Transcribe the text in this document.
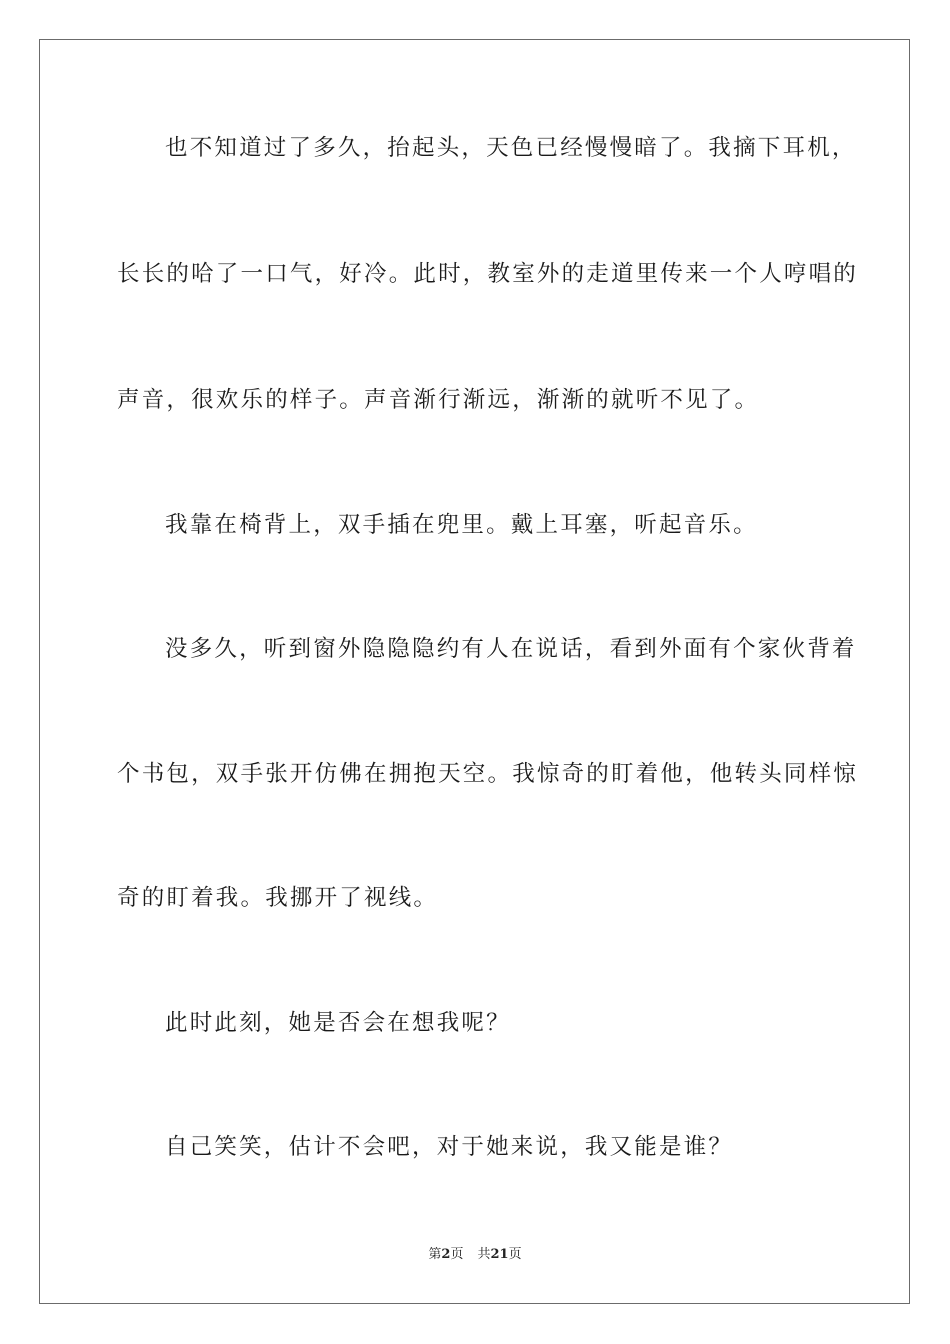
也不知道过了多久，抬起头，天色已经慢慢暗了。我摘下耳机，
长长的哈了一口气，好冷。此时，教室外的走道里传来一个人哼唱的
声音，很欢乐的样子。声音渐行渐远，渐渐的就听不见了。
我靠在椅背上，双手插在兜里。戴上耳塞，听起音乐。
没多久，听到窗外隐隐隐约有人在说话，看到外面有个家伙背着
个书包，双手张开仿佛在拥抱天空。我惊奇的盯着他，他转头同样惊
奇的盯着我。我挪开了视线。
此时此刻，她是否会在想我呢？
自己笑笑，估计不会吧，对于她来说，我又能是谁？
第2页 共21页
